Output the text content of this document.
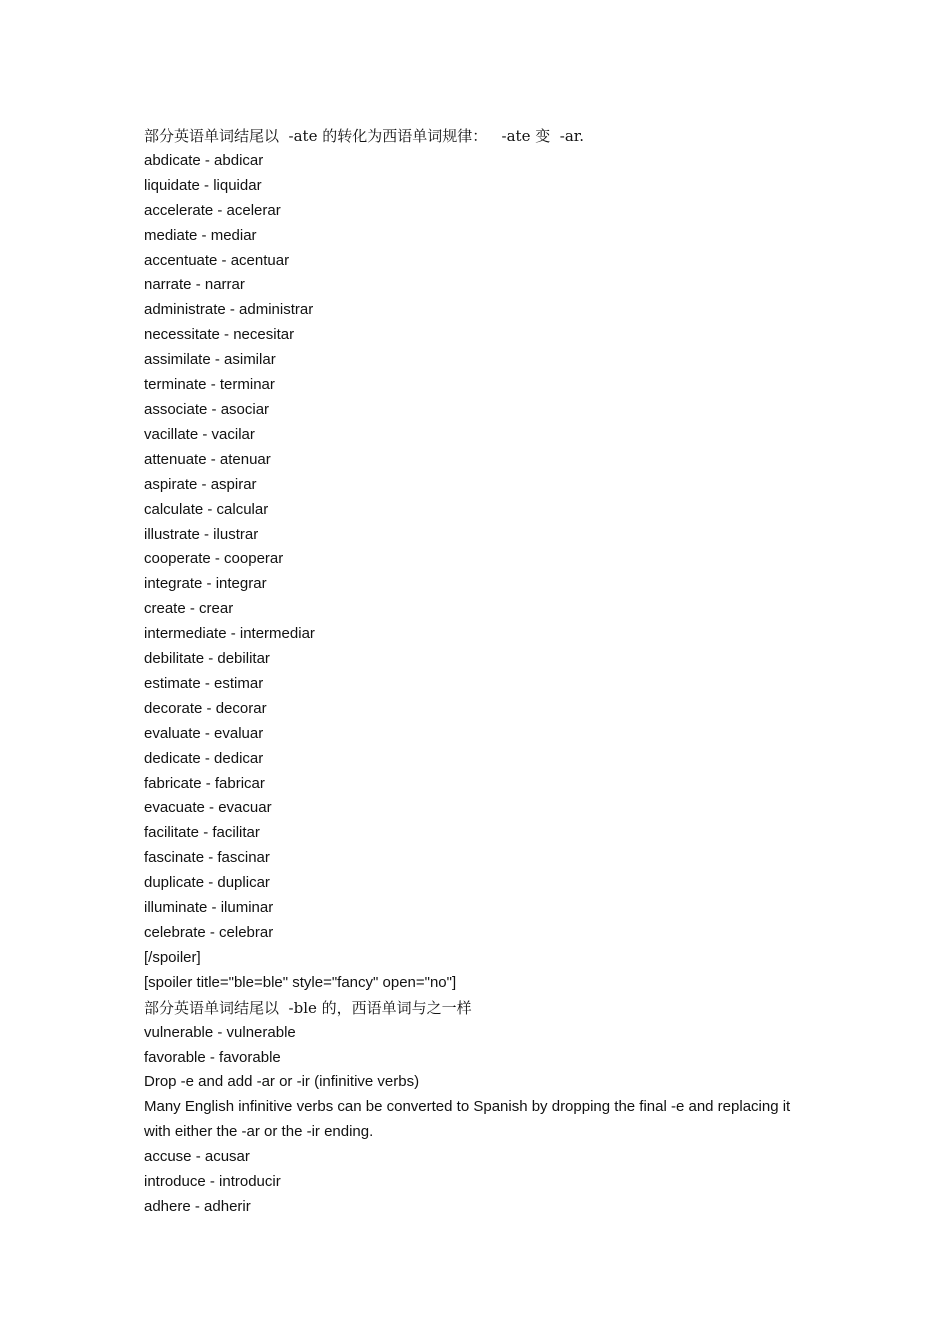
部分英语单词结尾以  -ate 的转化为西语单词规律：   -ate 变  -ar.
abdicate - abdicar
liquidate - liquidar
accelerate - acelerar
mediate - mediar
accentuate - acentuar
narrate - narrar
administrate - administrar
necessitate - necesitar
assimilate - asimilar
terminate - terminar
associate - asociar
vacillate - vacilar
attenuate - atenuar
aspirate - aspirar
calculate - calcular
illustrate - ilustrar
cooperate - cooperar
integrate - integrar
create - crear
intermediate - intermediar
debilitate - debilitar
estimate - estimar
decorate - decorar
evaluate - evaluar
dedicate - dedicar
fabricate - fabricar
evacuate - evacuar
facilitate - facilitar
fascinate - fascinar
duplicate - duplicar
illuminate - iluminar
celebrate - celebrar
[/spoiler]
[spoiler title="ble=ble" style="fancy" open="no"]
部分英语单词结尾以  -ble 的，西语单词与之一样
vulnerable - vulnerable
favorable - favorable
Drop -e and add -ar or -ir (infinitive verbs)
Many English infinitive verbs can be converted to Spanish by dropping the final -e and replacing it with either the -ar or the -ir ending.
accuse - acusar
introduce - introducir
adhere - adherir
